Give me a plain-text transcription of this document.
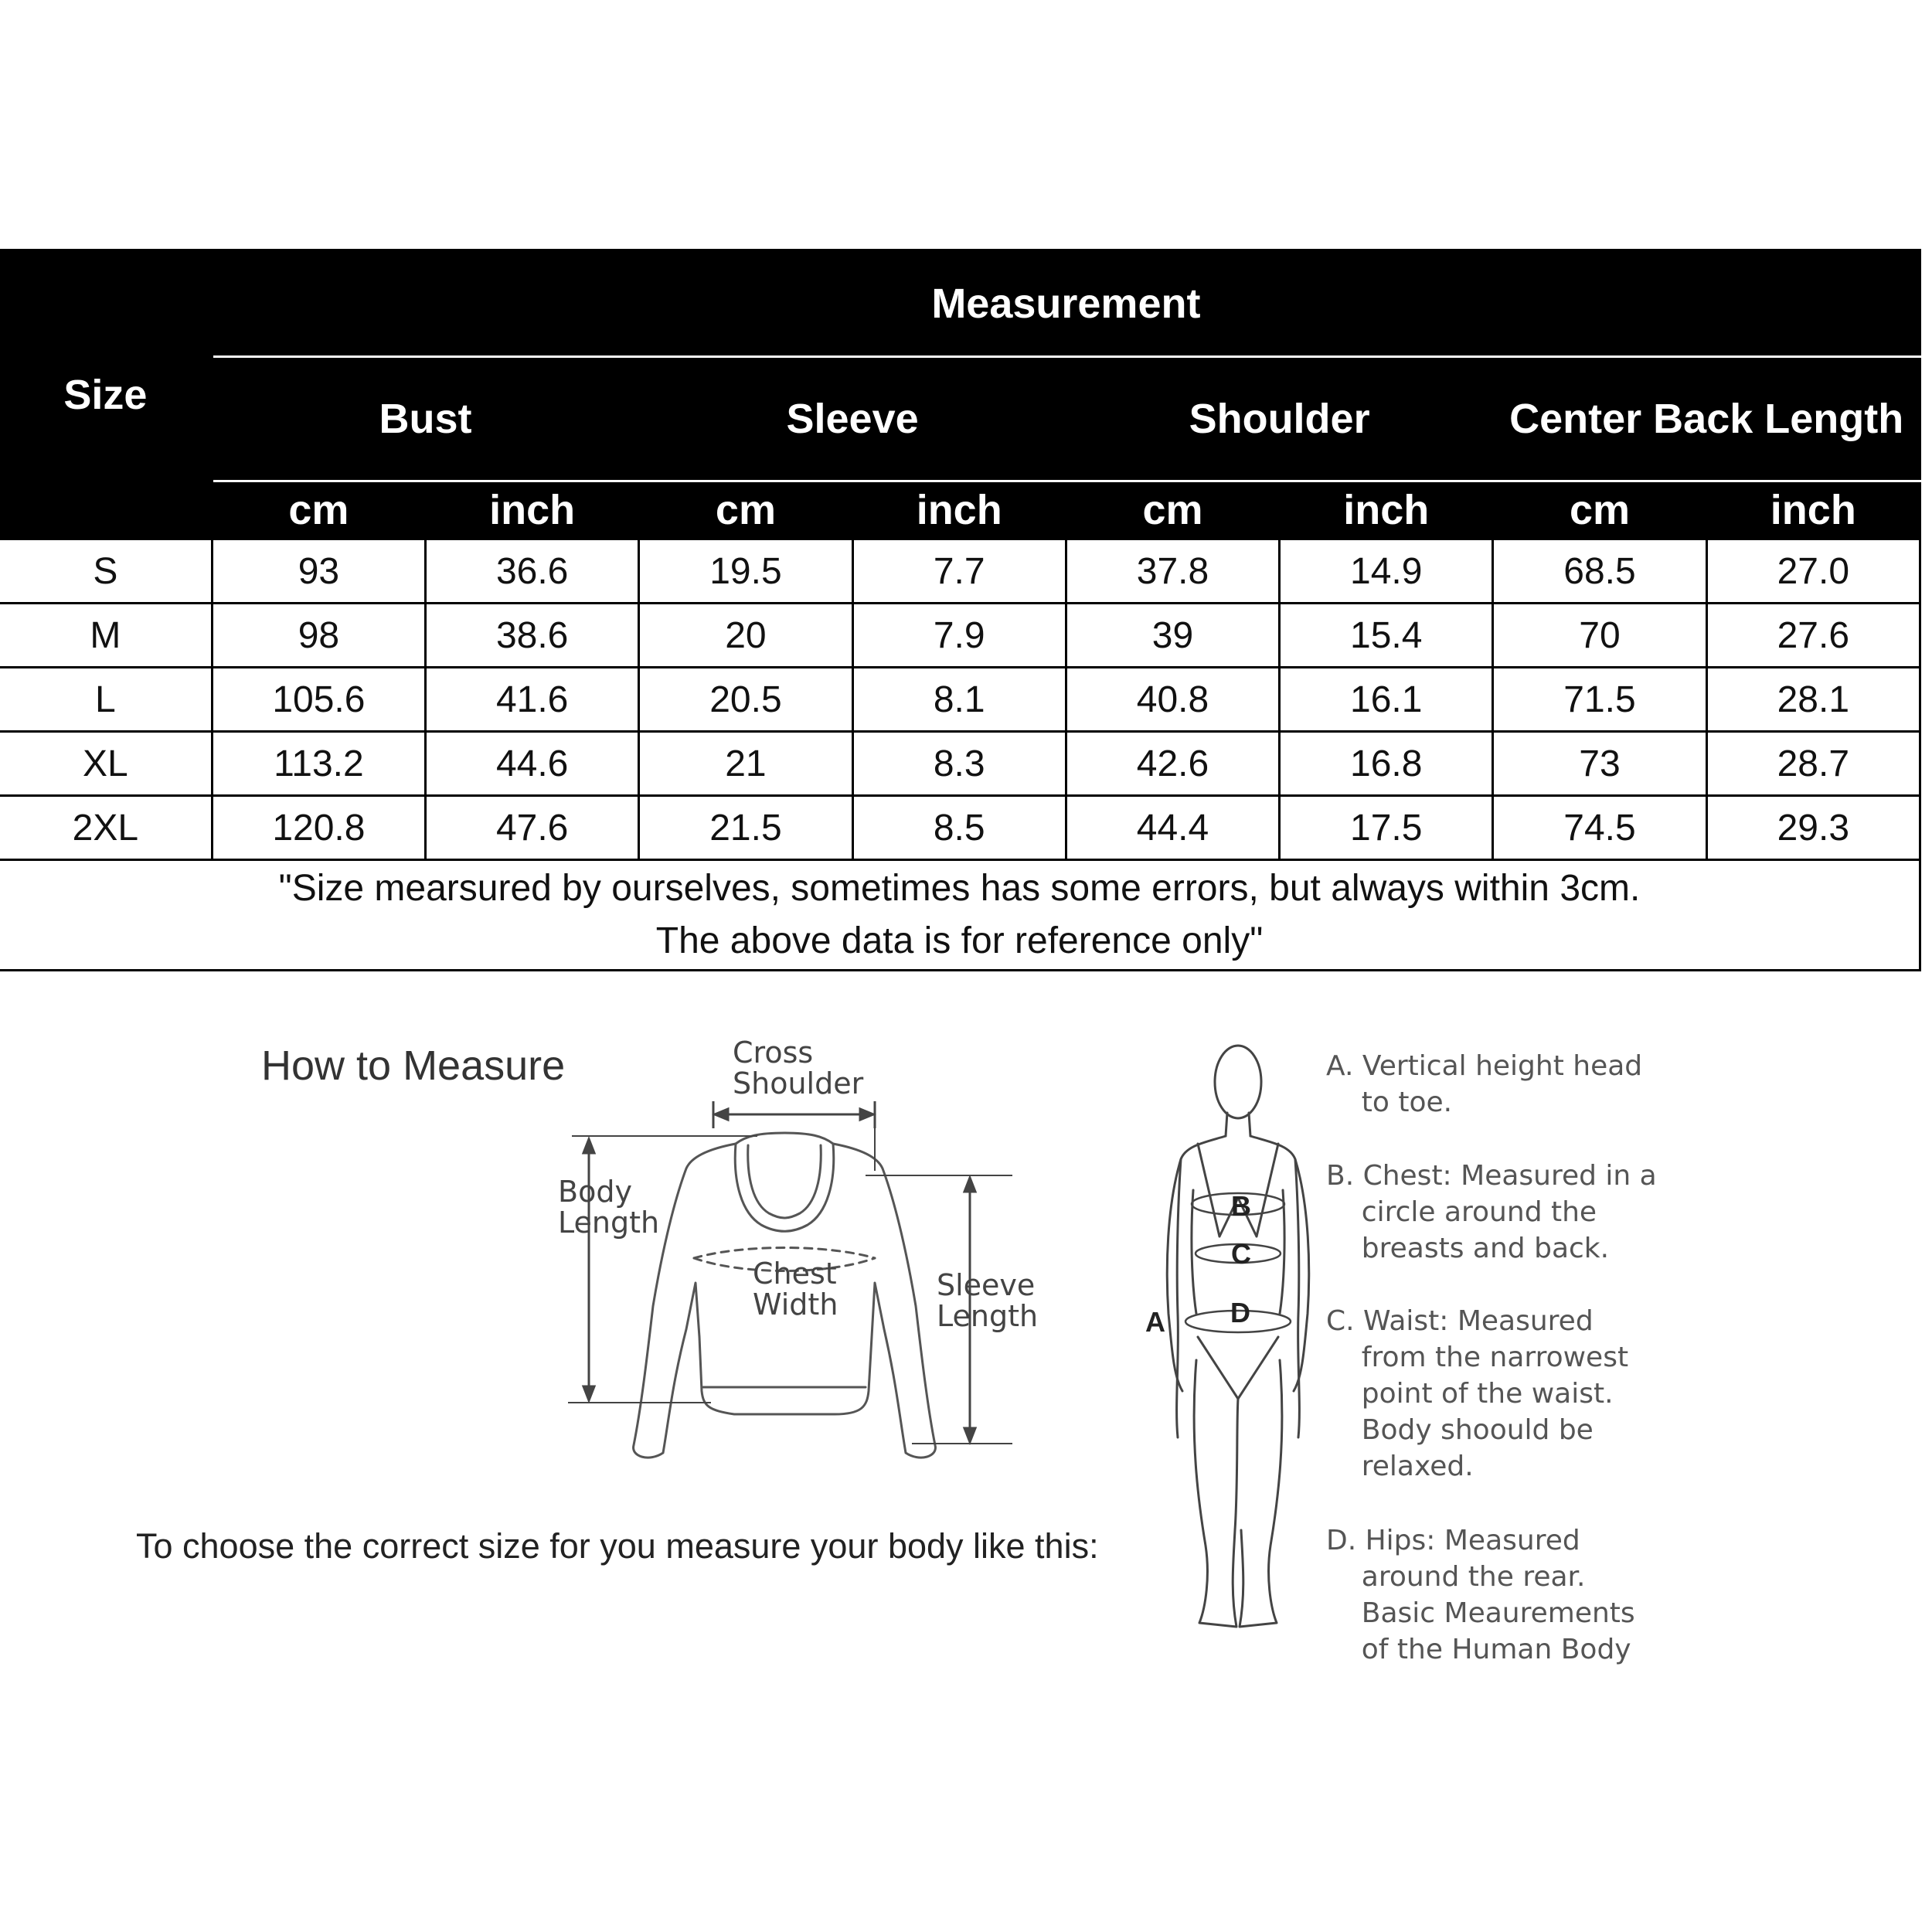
Size	Measurement							
	Bust		Sleeve		Shoulder		Center Back Length	
	cm	inch	cm	inch	cm	inch	cm	inch
S	93	36.6	19.5	7.7	37.8	14.9	68.5	27.0
M	98	38.6	20	7.9	39	15.4	70	27.6
L	105.6	41.6	20.5	8.1	40.8	16.1	71.5	28.1
XL	113.2	44.6	21	8.3	42.6	16.8	73	28.7
2XL	120.8	47.6	21.5	8.5	44.4	17.5	74.5	29.3

"Size mearsured by ourselves, sometimes has some errors, but always within 3cm.
The above data is for reference only"								
How to Measure
To choose the correct size for you measure your body like this:
Cross
Shoulder
Body
Length
Chest
Width
Sleeve
Length
B
C
D
A
A. Vertical height head
to toe.
B. Chest: Measured in a
circle around the
breasts and back.
C. Waist: Measured
from the narrowest
point of the waist.
Body shoould be
relaxed.
D. Hips: Measured
around the rear.
Basic Meaurements
of the Human Body
